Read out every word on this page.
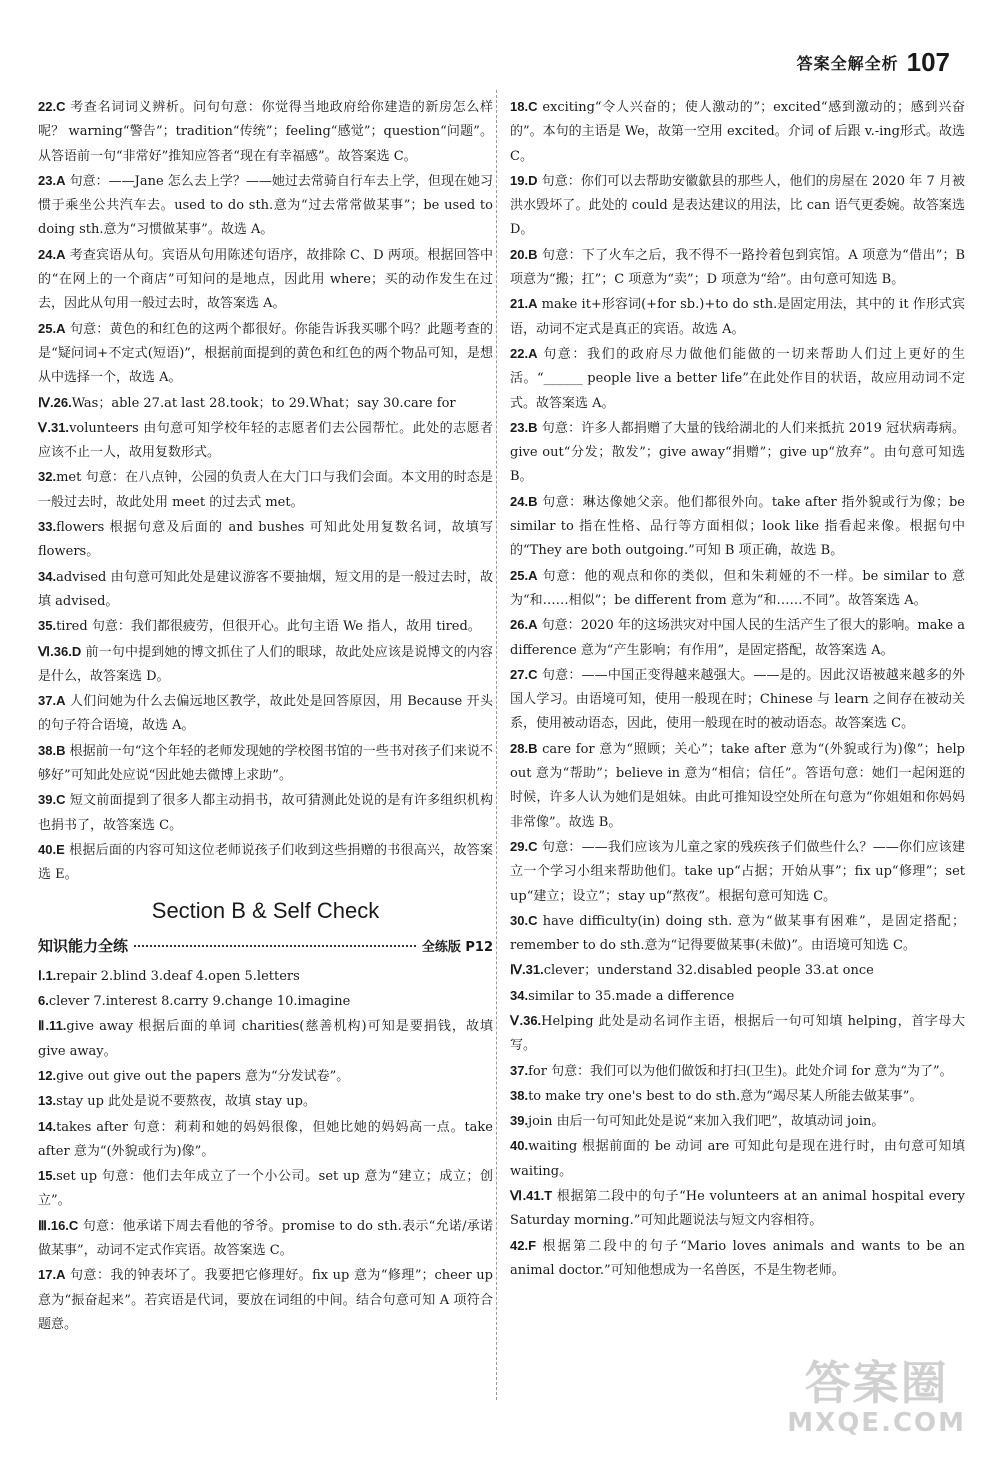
答案全解全析 107

22.C 考查名词词义辨析。问句句意：你觉得当地政府给你建造的新房怎么样呢？ warning“警告”；tradition“传统”；feeling“感觉”；question“问题”。从答语前一句“非常好”推知应答者“现在有幸福感”。故答案选 C。

23.A 句意：——Jane 怎么去上学？——她过去常骑自行车去上学，但现在她习惯于乘坐公共汽车去。used to do sth.意为“过去常常做某事”；be used to doing sth.意为“习惯做某事”。故选 A。

24.A 考查宾语从句。宾语从句用陈述句语序，故排除 C、D 两项。根据回答中的“在网上的一个商店”可知问的是地点，因此用 where；买的动作发生在过去，因此从句用一般过去时，故答案选 A。

25.A 句意：黄色的和红色的这两个都很好。你能告诉我买哪个吗？此题考查的是“疑问词+不定式(短语)”，根据前面提到的黄色和红色的两个物品可知，是想从中选择一个，故选 A。

Ⅳ.26.Was；able 27.at last 28.took；to 29.What；say 30.care for

Ⅴ.31.volunteers 由句意可知学校年轻的志愿者们去公园帮忙。此处的志愿者应该不止一人，故用复数形式。

32.met 句意：在八点钟，公园的负责人在大门口与我们会面。本文用的时态是一般过去时，故此处用 meet 的过去式 met。

33.flowers 根据句意及后面的 and bushes 可知此处用复数名词，故填写 flowers。

34.advised 由句意可知此处是建议游客不要抽烟，短文用的是一般过去时，故填 advised。

35.tired 句意：我们都很疲劳，但很开心。此句主语 We 指人，故用 tired。

Ⅵ.36.D 前一句中提到她的博文抓住了人们的眼球，故此处应该是说博文的内容是什么，故答案选 D。

37.A 人们问她为什么去偏远地区教学，故此处是回答原因，用 Because 开头的句子符合语境，故选 A。

38.B 根据前一句“这个年轻的老师发现她的学校图书馆的一些书对孩子们来说不够好”可知此处应说“因此她去微博上求助”。

39.C 短文前面提到了很多人都主动捐书，故可猜测此处说的是有许多组织机构也捐书了，故答案选 C。

40.E 根据后面的内容可知这位老师说孩子们收到这些捐赠的书很高兴，故答案选 E。

Section B & Self Check
知识能力全练	全练版 P12

Ⅰ.1.repair 2.blind 3.deaf 4.open 5.letters

6.clever 7.interest 8.carry 9.change 10.imagine

Ⅱ.11.give away 根据后面的单词 charities(慈善机构)可知是要捐钱，故填 give away。

12.give out give out the papers 意为“分发试卷”。

13.stay up 此处是说不要熬夜，故填 stay up。

14.takes after 句意：莉莉和她的妈妈很像，但她比她的妈妈高一点。take after 意为“(外貌或行为)像”。

15.set up 句意：他们去年成立了一个小公司。set up 意为“建立；成立；创立”。

Ⅲ.16.C 句意：他承诺下周去看他的爷爷。promise to do sth.表示“允诺/承诺做某事”，动词不定式作宾语。故答案选 C。

17.A 句意：我的钟表坏了。我要把它修理好。fix up 意为“修理”；cheer up 意为“振奋起来”。若宾语是代词，要放在词组的中间。结合句意可知 A 项符合题意。

18.C exciting“令人兴奋的；使人激动的”；excited“感到激动的；感到兴奋的”。本句的主语是 We，故第一空用 excited。介词 of 后跟 v.-ing形式。故选 C。

19.D 句意：你们可以去帮助安徽歙县的那些人，他们的房屋在 2020 年 7 月被洪水毁坏了。此处的 could 是表达建议的用法，比 can 语气更委婉。故答案选 D。

20.B 句意：下了火车之后，我不得不一路拎着包到宾馆。A 项意为“借出”；B 项意为“搬；扛”；C 项意为“卖”；D 项意为“给”。由句意可知选 B。

21.A make it+形容词(+for sb.)+to do sth.是固定用法，其中的 it 作形式宾语，动词不定式是真正的宾语。故选 A。

22.A 句意：我们的政府尽力做他们能做的一切来帮助人们过上更好的生活。“______ people live a better life”在此处作目的状语，故应用动词不定式。故答案选 A。

23.B 句意：许多人都捐赠了大量的钱给湖北的人们来抵抗 2019 冠状病毒病。give out“分发；散发”；give away“捐赠”；give up“放弃”。由句意可知选 B。

24.B 句意：琳达像她父亲。他们都很外向。take after 指外貌或行为像；be similar to 指在性格、品行等方面相似；look like 指看起来像。根据句中的“They are both outgoing.”可知 B 项正确，故选 B。

25.A 句意：他的观点和你的类似，但和朱莉娅的不一样。be similar to 意为“和……相似”；be different from 意为“和……不同”。故答案选 A。

26.A 句意：2020 年的这场洪灾对中国人民的生活产生了很大的影响。make a difference 意为“产生影响；有作用”，是固定搭配，故答案选 A。

27.C 句意：——中国正变得越来越强大。——是的。因此汉语被越来越多的外国人学习。由语境可知，使用一般现在时；Chinese 与 learn 之间存在被动关系，使用被动语态，因此，使用一般现在时的被动语态。故答案选 C。

28.B care for 意为“照顾；关心”；take after 意为“(外貌或行为)像”；help out 意为“帮助”；believe in 意为“相信；信任”。答语句意：她们一起闲逛的时候，许多人认为她们是姐妹。由此可推知设空处所在句意为“你姐姐和你妈妈非常像”。故选 B。

29.C 句意：——我们应该为儿童之家的残疾孩子们做些什么？——你们应该建立一个学习小组来帮助他们。take up“占据；开始从事”；fix up“修理”；set up“建立；设立”；stay up“熬夜”。根据句意可知选 C。

30.C have difficulty(in) doing sth. 意为“做某事有困难”，是固定搭配；remember to do sth.意为“记得要做某事(未做)”。由语境可知选 C。

Ⅳ.31.clever；understand 32.disabled people 33.at once

34.similar to 35.made a difference

Ⅴ.36.Helping 此处是动名词作主语，根据后一句可知填 helping，首字母大写。

37.for 句意：我们可以为他们做饭和打扫(卫生)。此处介词 for 意为“为了”。

38.to make try one's best to do sth.意为“竭尽某人所能去做某事”。

39.join 由后一句可知此处是说“来加入我们吧”，故填动词 join。

40.waiting 根据前面的 be 动词 are 可知此句是现在进行时，由句意可知填 waiting。

Ⅵ.41.T 根据第二段中的句子“He volunteers at an animal hospital every Saturday morning.”可知此题说法与短文内容相符。

42.F 根据第二段中的句子“Mario loves animals and wants to be an animal doctor.”可知他想成为一名兽医，不是生物老师。

答案圈
MXQE.COM
